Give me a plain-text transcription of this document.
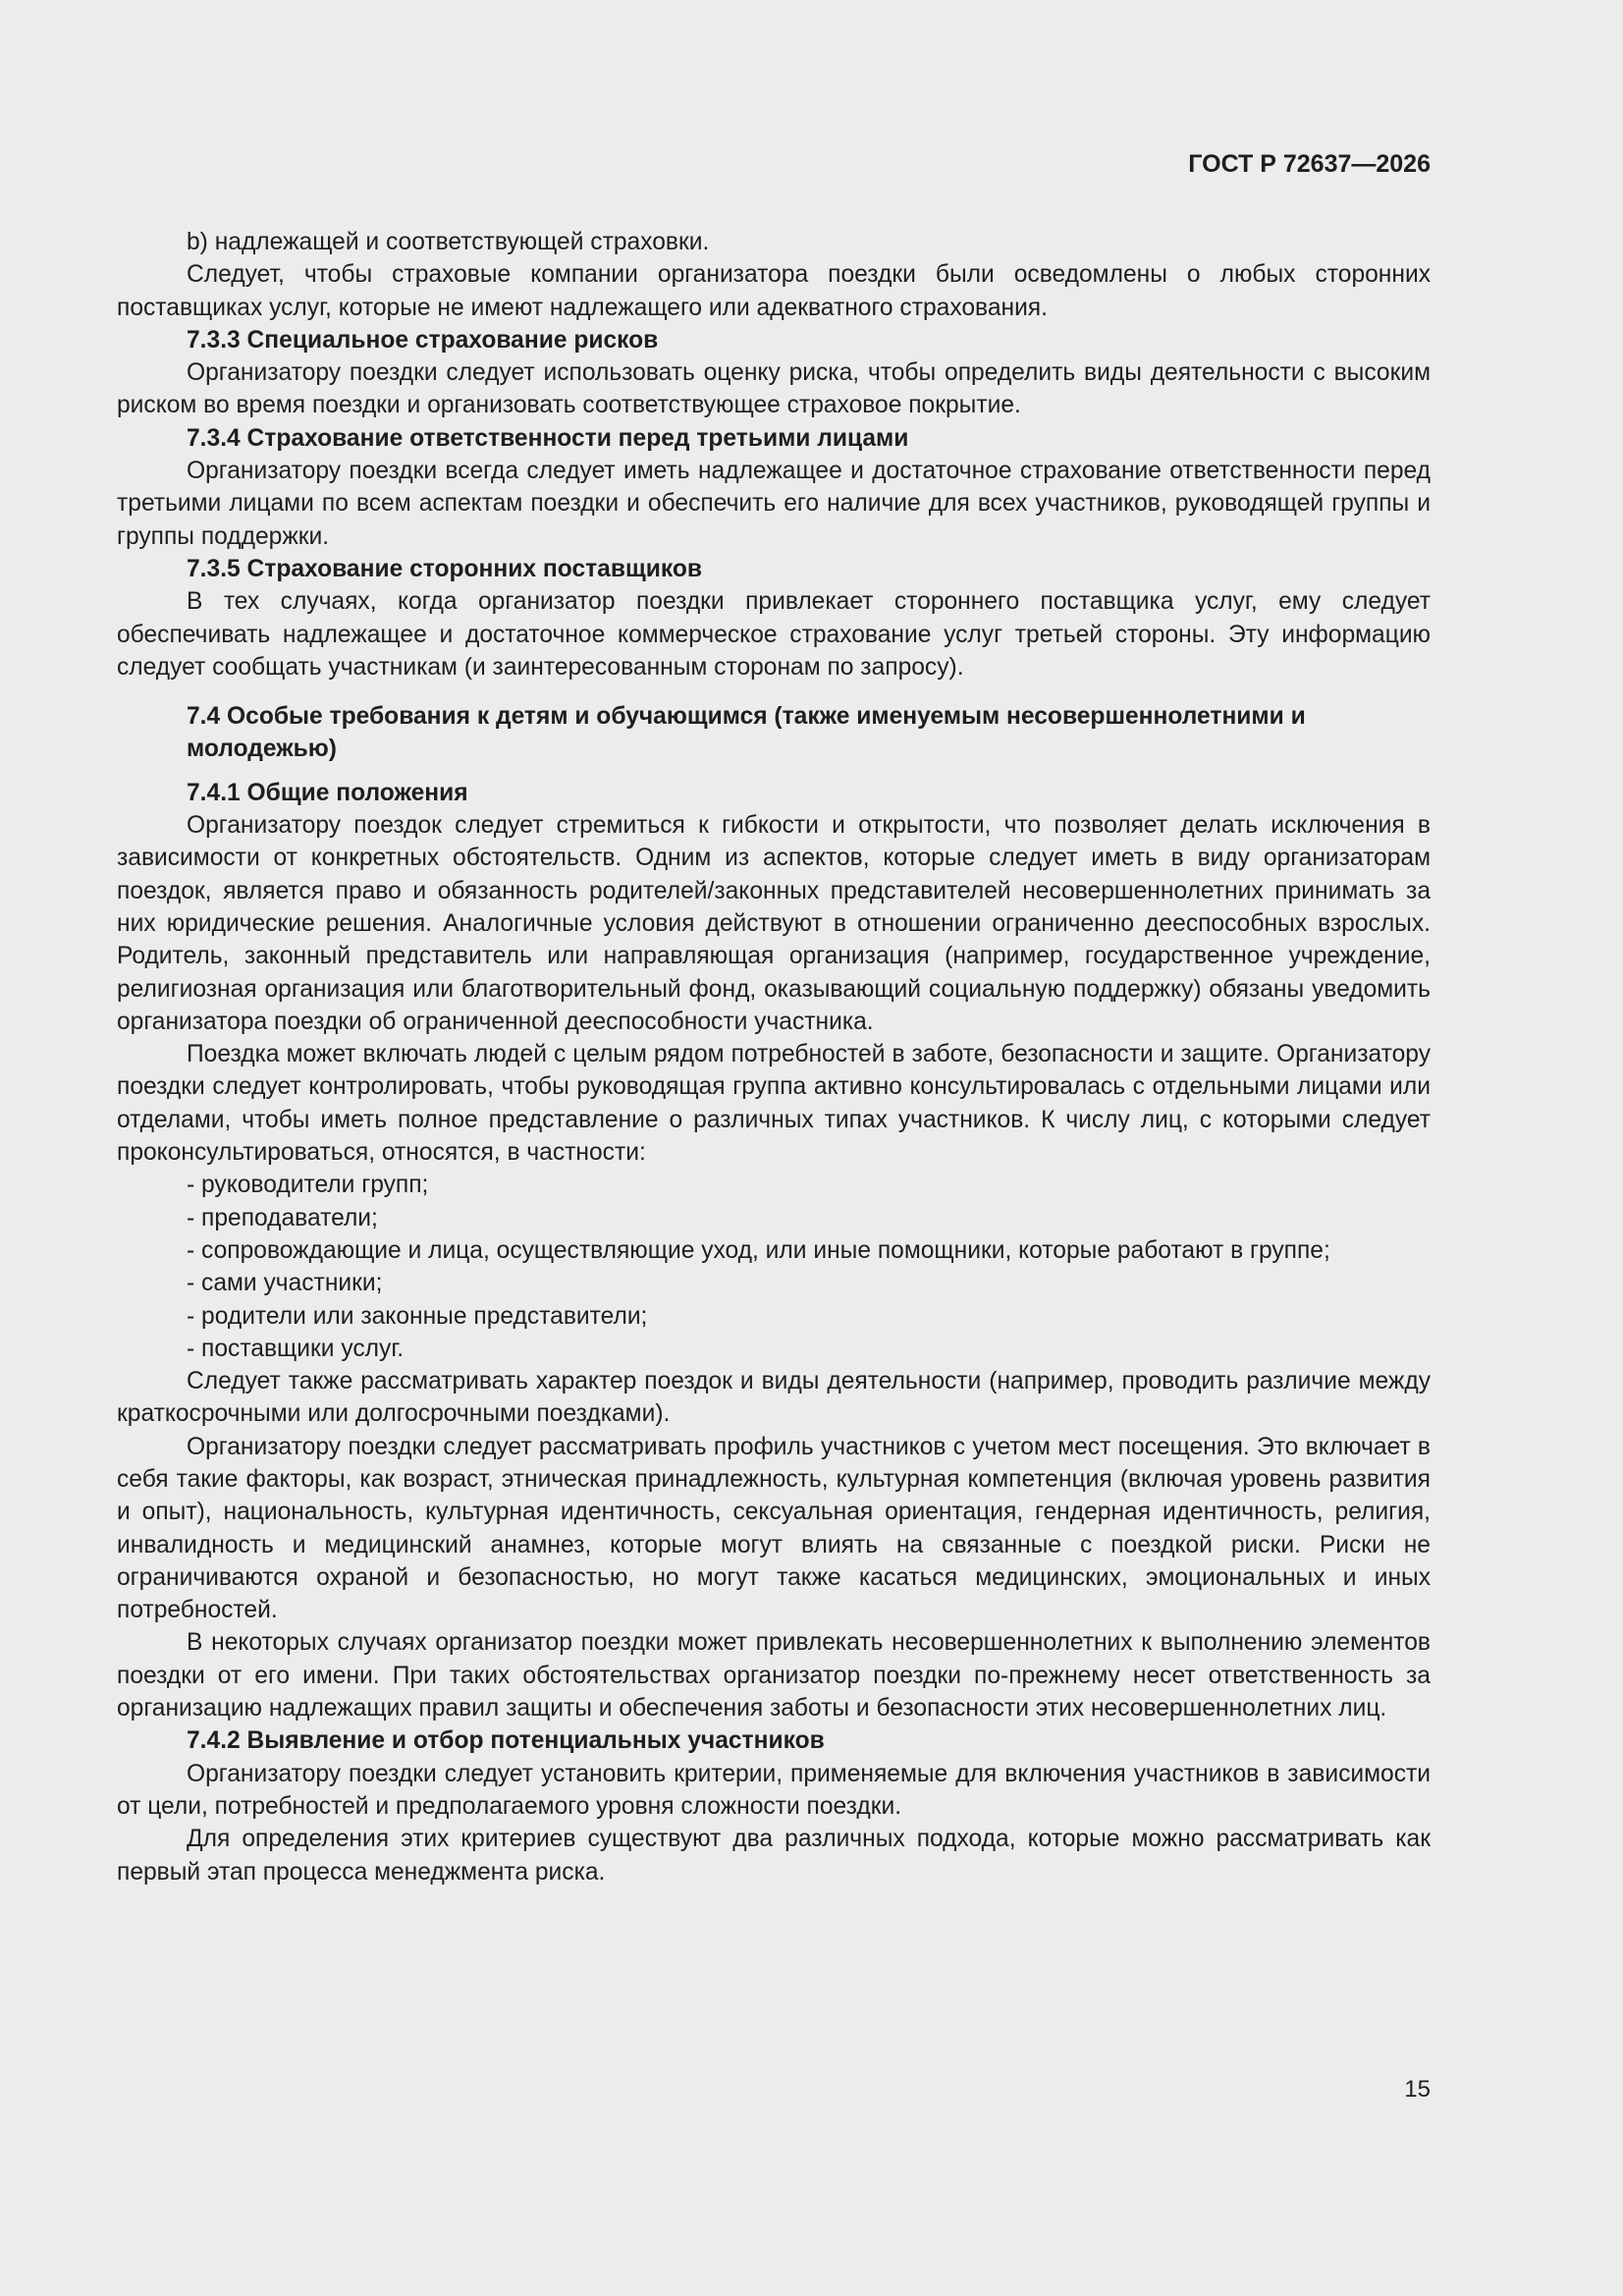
ГОСТ Р 72637—2026

b) надлежащей и соответствующей страховки.

Следует, чтобы страховые компании организатора поездки были осведомлены о любых сторонних поставщиках услуг, которые не имеют надлежащего или адекватного страхования.

7.3.3 Специальное страхование рисков

Организатору поездки следует использовать оценку риска, чтобы определить виды деятельности с высоким риском во время поездки и организовать соответствующее страховое покрытие.

7.3.4 Страхование ответственности перед третьими лицами

Организатору поездки всегда следует иметь надлежащее и достаточное страхование ответственности перед третьими лицами по всем аспектам поездки и обеспечить его наличие для всех участников, руководящей группы и группы поддержки.

7.3.5 Страхование сторонних поставщиков

В тех случаях, когда организатор поездки привлекает стороннего поставщика услуг, ему следует обеспечивать надлежащее и достаточное коммерческое страхование услуг третьей стороны. Эту информацию следует сообщать участникам (и заинтересованным сторонам по запросу).

7.4 Особые требования к детям и обучающимся (также именуемым несовершеннолетними и молодежью)

7.4.1 Общие положения

Организатору поездок следует стремиться к гибкости и открытости, что позволяет делать исключения в зависимости от конкретных обстоятельств. Одним из аспектов, которые следует иметь в виду организаторам поездок, является право и обязанность родителей/законных представителей несовершеннолетних принимать за них юридические решения. Аналогичные условия действуют в отношении ограниченно дееспособных взрослых. Родитель, законный представитель или направляющая организация (например, государственное учреждение, религиозная организация или благотворительный фонд, оказывающий социальную поддержку) обязаны уведомить организатора поездки об ограниченной дееспособности участника.

Поездка может включать людей с целым рядом потребностей в заботе, безопасности и защите. Организатору поездки следует контролировать, чтобы руководящая группа активно консультировалась с отдельными лицами или отделами, чтобы иметь полное представление о различных типах участников. К числу лиц, с которыми следует проконсультироваться, относятся, в частности:

- руководители групп;

- преподаватели;

- сопровождающие и лица, осуществляющие уход, или иные помощники, которые работают в группе;

- сами участники;

- родители или законные представители;

- поставщики услуг.

Следует также рассматривать характер поездок и виды деятельности (например, проводить различие между краткосрочными или долгосрочными поездками).

Организатору поездки следует рассматривать профиль участников с учетом мест посещения. Это включает в себя такие факторы, как возраст, этническая принадлежность, культурная компетенция (включая уровень развития и опыт), национальность, культурная идентичность, сексуальная ориентация, гендерная идентичность, религия, инвалидность и медицинский анамнез, которые могут влиять на связанные с поездкой риски. Риски не ограничиваются охраной и безопасностью, но могут также касаться медицинских, эмоциональных и иных потребностей.

В некоторых случаях организатор поездки может привлекать несовершеннолетних к выполнению элементов поездки от его имени. При таких обстоятельствах организатор поездки по-прежнему несет ответственность за организацию надлежащих правил защиты и обеспечения заботы и безопасности этих несовершеннолетних лиц.

7.4.2 Выявление и отбор потенциальных участников

Организатору поездки следует установить критерии, применяемые для включения участников в зависимости от цели, потребностей и предполагаемого уровня сложности поездки.

Для определения этих критериев существуют два различных подхода, которые можно рассматривать как первый этап процесса менеджмента риска.

15
